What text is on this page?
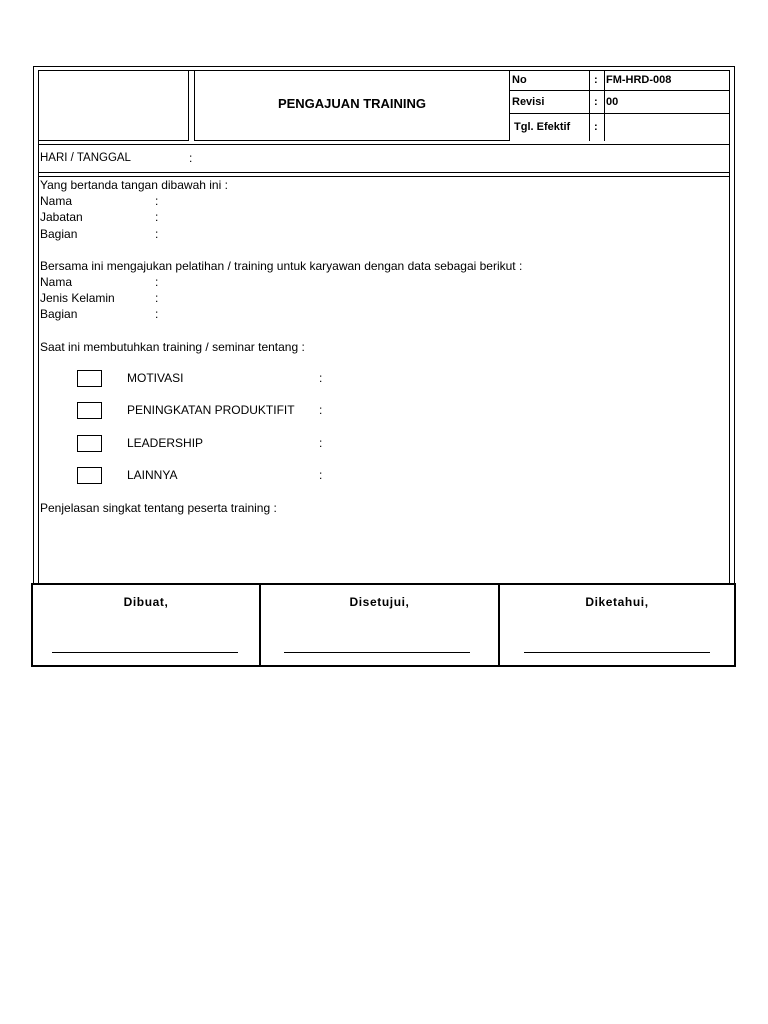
PENGAJUAN TRAINING
No	: FM-HRD-008
Revisi	: 00
Tgl. Efektif :
HARI / TANGGAL	:
Yang bertanda tangan dibawah ini :
Nama	:
Jabatan	:
Bagian	:
Bersama ini mengajukan pelatihan / training untuk karyawan dengan data sebagai berikut :
Nama	:
Jenis Kelamin	:
Bagian	:
Saat ini membutuhkan training / seminar tentang :
MOTIVASI	:
PENINGKATAN PRODUKTIFIT :
LEADERSHIP	:
LAINNYA	:
Penjelasan singkat tentang peserta training :
Dibuat,	Disetujui,	Diketahui,
